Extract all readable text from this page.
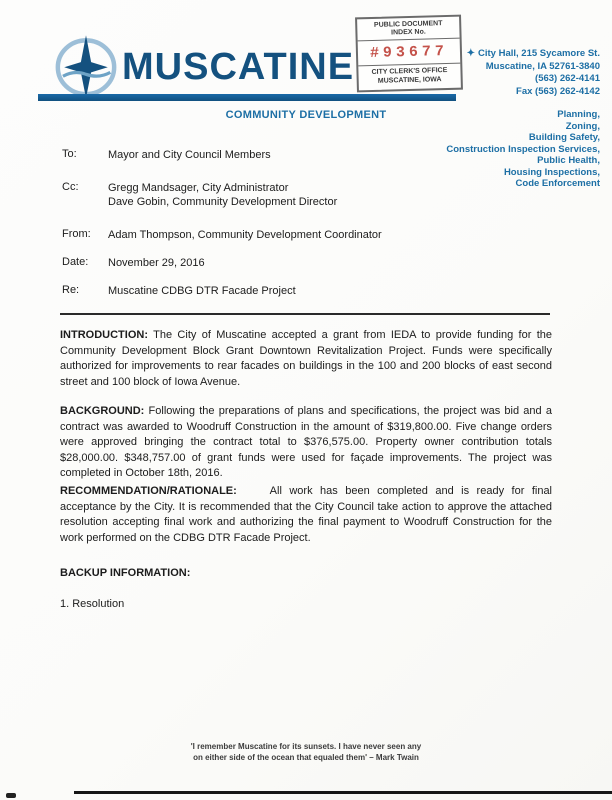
MUSCATINE
PUBLIC DOCUMENT
INDEX No.
#93677
CITY CLERK'S OFFICE
MUSCATINE, IOWA
✦ City Hall, 215 Sycamore St.
Muscatine, IA 52761-3840
(563) 262-4141
Fax (563) 262-4142
COMMUNITY DEVELOPMENT	Planning,
Zoning,
Building Safety,
Construction Inspection Services,
Public Health,
Housing Inspections,
Code Enforcement
To:	Mayor and City Council Members
Cc:	Gregg Mandsager, City Administrator
Dave Gobin, Community Development Director
From:	Adam Thompson, Community Development Coordinator
Date:	November 29, 2016
Re:	Muscatine CDBG DTR Facade Project

INTRODUCTION: The City of Muscatine accepted a grant from IEDA to provide funding for the Community Development Block Grant Downtown Revitalization Project. Funds were specifically authorized for improvements to rear facades on buildings in the 100 and 200 blocks of east second street and 100 block of Iowa Avenue.

BACKGROUND: Following the preparations of plans and specifications, the project was bid and a contract was awarded to Woodruff Construction in the amount of $319,800.00. Five change orders were approved bringing the contract total to $376,575.00. Property owner contribution totals $28,000.00. $348,757.00 of grant funds were used for façade improvements. The project was completed in October 18th, 2016.

RECOMMENDATION/RATIONALE:	All work has been completed and is ready for final acceptance by the City. It is recommended that the City Council take action to approve the attached resolution accepting final work and authorizing the final payment to Woodruff Construction for the work performed on the CDBG DTR Facade Project.

BACKUP INFORMATION:
1. Resolution
'I remember Muscatine for its sunsets. I have never seen any
on either side of the ocean that equaled them' – Mark Twain
